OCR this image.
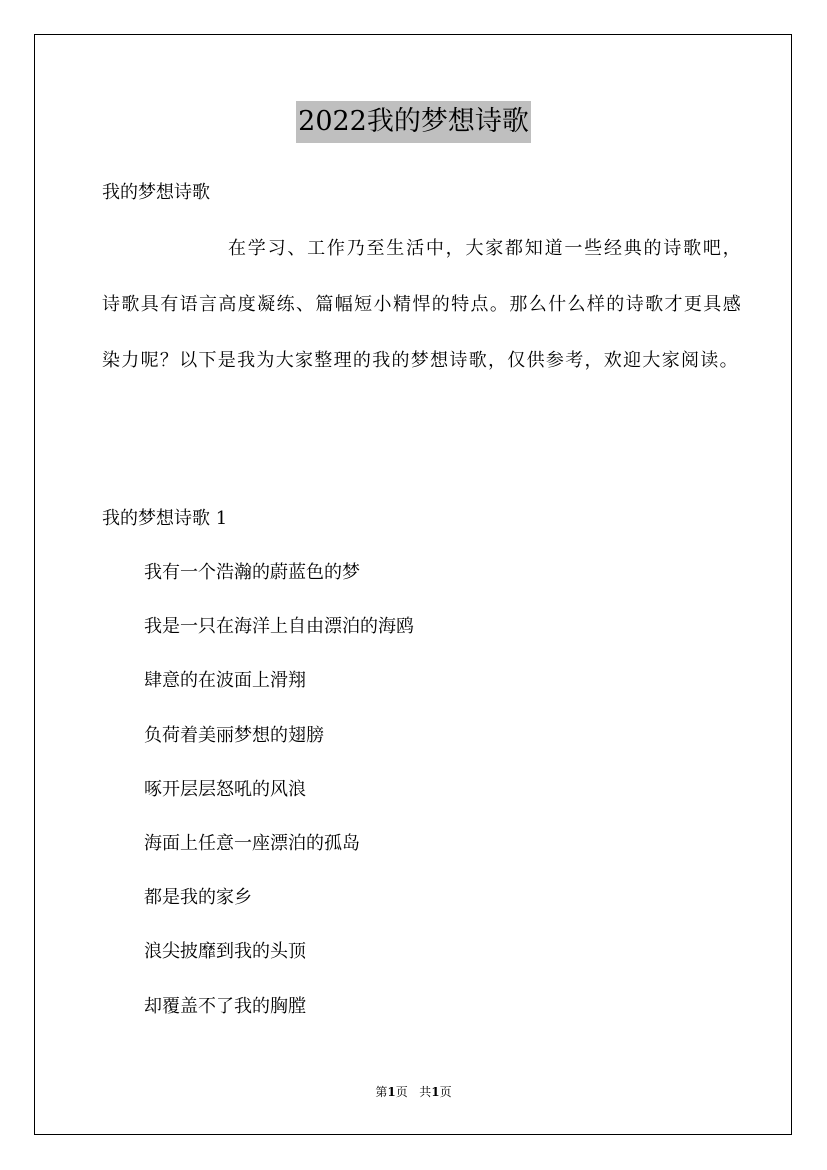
2022我的梦想诗歌

我的梦想诗歌

在学习、工作乃至生活中，大家都知道一些经典的诗歌吧，诗歌具有语言高度凝练、篇幅短小精悍的特点。那么什么样的诗歌才更具感染力呢？以下是我为大家整理的我的梦想诗歌，仅供参考，欢迎大家阅读。

我的梦想诗歌 1

我有一个浩瀚的蔚蓝色的梦
我是一只在海洋上自由漂泊的海鸥
肆意的在波面上滑翔
负荷着美丽梦想的翅膀
啄开层层怒吼的风浪
海面上任意一座漂泊的孤岛
都是我的家乡
浪尖披靡到我的头顶
却覆盖不了我的胸膛
第1页 共1页
